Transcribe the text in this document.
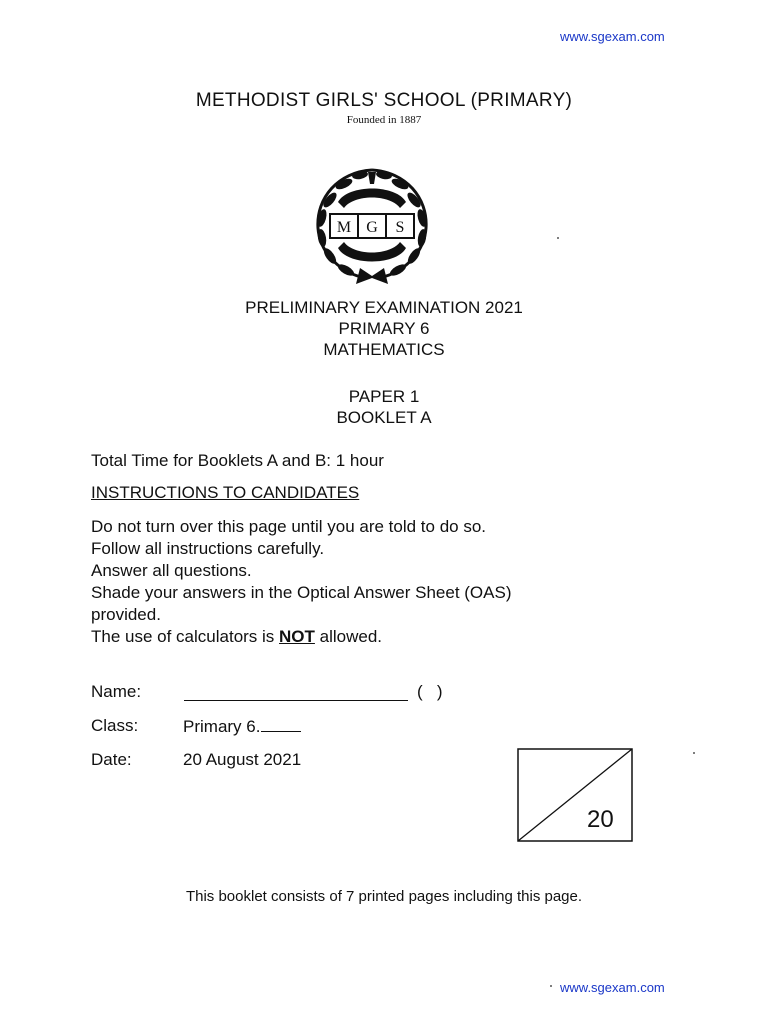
www.sgexam.com
METHODIST GIRLS' SCHOOL (PRIMARY)
Founded in 1887
M G S
PRELIMINARY EXAMINATION 2021
PRIMARY 6
MATHEMATICS
PAPER 1
BOOKLET A
Total Time for Booklets A and B: 1 hour
INSTRUCTIONS TO CANDIDATES
Do not turn over this page until you are told to do so.
Follow all instructions carefully.
Answer all questions.
Shade your answers in the Optical Answer Sheet (OAS)
provided.
The use of calculators is NOT allowed.
Name:	(   )
Class:	Primary 6.
Date:	20 August 2021
20
This booklet consists of 7 printed pages including this page.
www.sgexam.com
